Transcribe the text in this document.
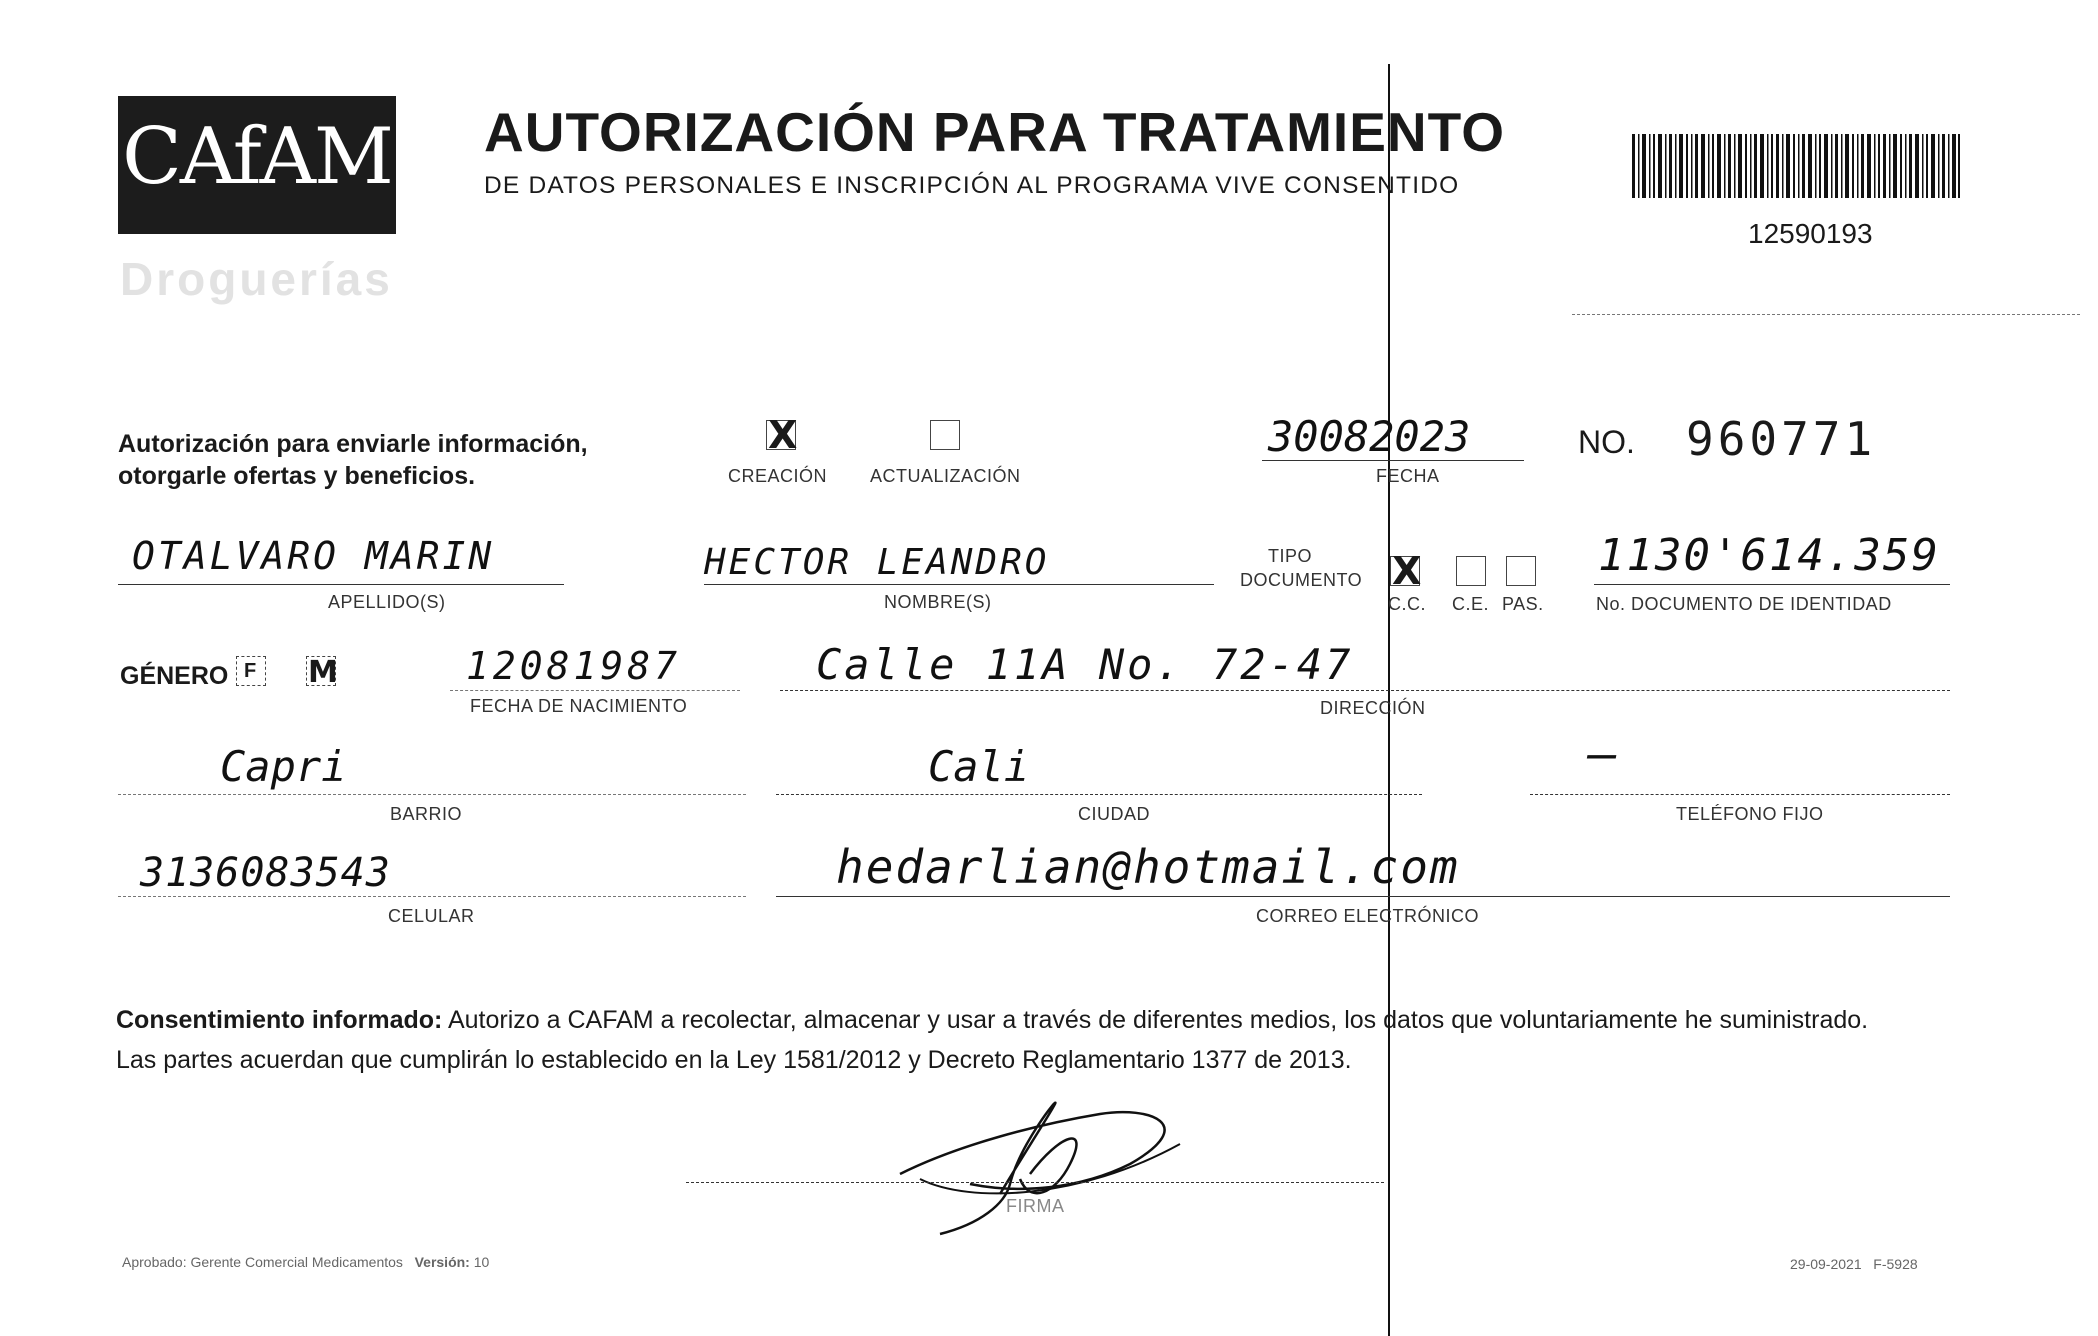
CAfAM
Droguerías
AUTORIZACIÓN PARA TRATAMIENTO
DE DATOS PERSONALES E INSCRIPCIÓN AL PROGRAMA VIVE CONSENTIDO
12590193
Autorización para enviarle información,
otorgarle ofertas y beneficios.
X
CREACIÓN ACTUALIZACIÓN
30082023
FECHA
NO. 960771
OTALVARO MARIN
APELLIDO(S)
HECTOR LEANDRO
NOMBRE(S)
TIPO
DOCUMENTO X
C.C. C.E. PAS.
1130'614.359
No. DOCUMENTO DE IDENTIDAD
GÉNERO F M	12081987
FECHA DE NACIMIENTO
Calle 11A No. 72-47
DIRECCIÓN
Capri
BARRIO
Cali
CIUDAD
—
TELÉFONO FIJO
3136083543
CELULAR
hedarlian@hotmail.com
CORREO ELECTRÓNICO
Consentimiento informado: Autorizo a CAFAM a recolectar, almacenar y usar a través de diferentes medios, los datos que voluntariamente he suministrado.
Las partes acuerdan que cumplirán lo establecido en la Ley 1581/2012 y Decreto Reglamentario 1377 de 2013.
FIRMA
Aprobado: Gerente Comercial Medicamentos Versión: 10	29-09-2021 F-5928
